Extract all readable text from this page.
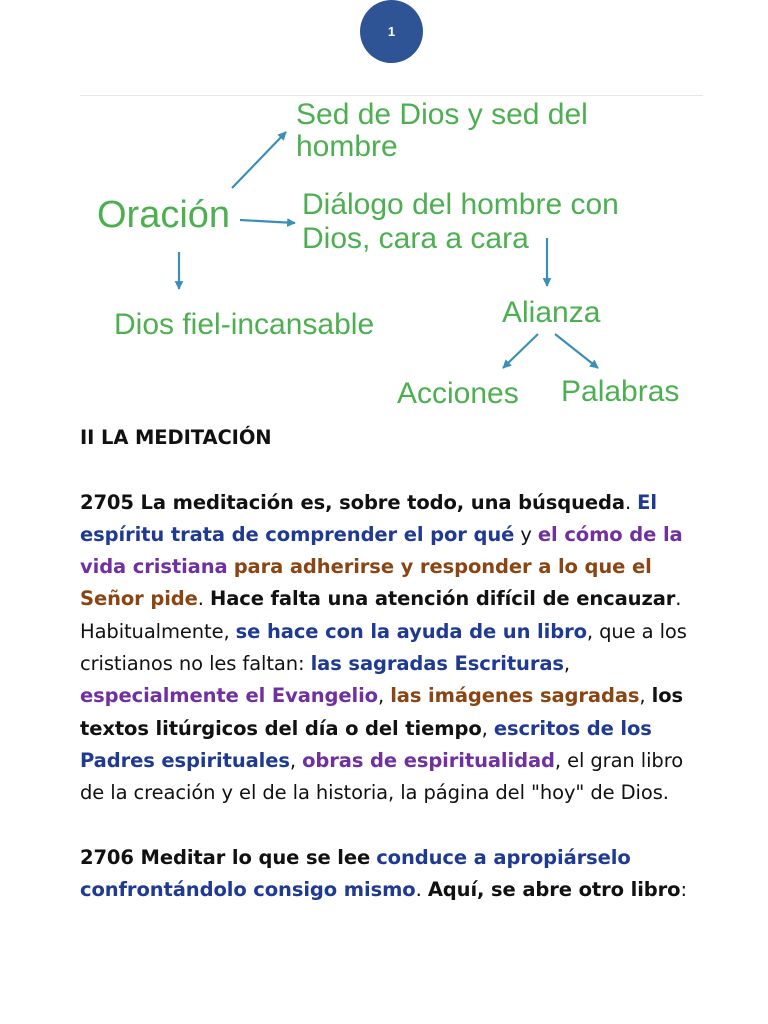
1
Sed de Dios y sed del
hombre
Oración Diálogo del hombre con
Dios, cara a cara
Dios fiel-incansable	Alianza
Acciones Palabras

II LA MEDITACIÓN

2705 La meditación es, sobre todo, una búsqueda. El espíritu trata de comprender el por qué y el cómo de la vida cristiana para adherirse y responder a lo que el Señor pide. Hace falta una atención difícil de encauzar. Habitualmente, se hace con la ayuda de un libro, que a los cristianos no les faltan: las sagradas Escrituras, especialmente el Evangelio, las imágenes sagradas, los textos litúrgicos del día o del tiempo, escritos de los Padres espirituales, obras de espiritualidad, el gran libro de la creación y el de la historia, la página del "hoy" de Dios.

2706 Meditar lo que se lee conduce a apropiárselo confrontándolo consigo mismo. Aquí, se abre otro libro:
